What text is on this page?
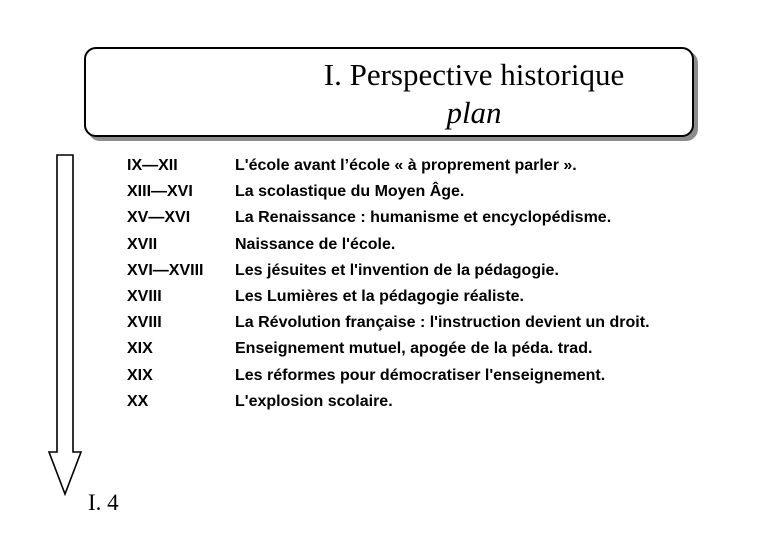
I. Perspective historique
plan
IX—XII	L'école avant l’école « à proprement parler ».
XIII—XVI	La scolastique du Moyen Âge.
XV—XVI	La Renaissance : humanisme et encyclopédisme.
XVII	Naissance de l'école.
XVI—XVIII	Les jésuites et l'invention de la pédagogie.
XVIII	Les Lumières et la pédagogie réaliste.
XVIII	La Révolution française : l'instruction devient un droit.
XIX	Enseignement mutuel, apogée de la péda. trad.
XIX	Les réformes pour démocratiser l'enseignement.
XX	L'explosion scolaire.
I. 4
